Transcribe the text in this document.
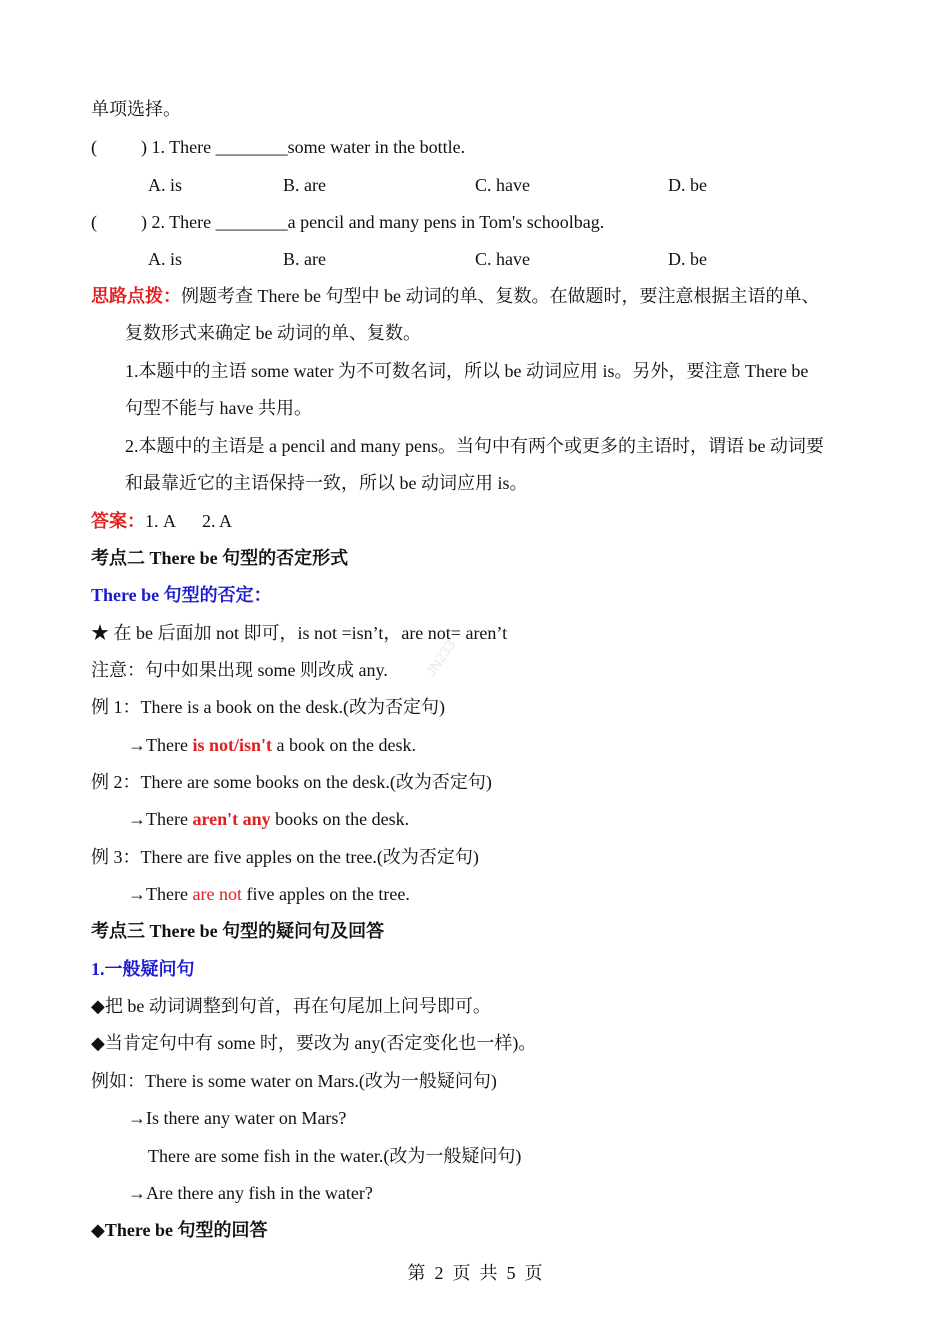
JN233
单项选择。
( ) 1. There ________some water in the bottle.
A. is	B. are	C. have	D. be
( ) 2. There ________a pencil and many pens in Tom's schoolbag.
A. is	B. are	C. have	D. be
思路点拨：例题考查 There be 句型中 be 动词的单、复数。在做题时，要注意根据主语的单、
复数形式来确定 be 动词的单、复数。
1.本题中的主语 some water 为不可数名词，所以 be 动词应用 is。另外，要注意 There be
句型不能与 have 共用。
2.本题中的主语是 a pencil and many pens。当句中有两个或更多的主语时，谓语 be 动词要
和最靠近它的主语保持一致，所以 be 动词应用 is。
答案：1. A      2. A
考点二 There be 句型的否定形式
There be 句型的否定：
★ 在 be 后面加 not 即可，is not =isn’t，are not= aren’t
注意：句中如果出现 some 则改成 any.
例 1：There is a book on the desk.(改为否定句)
→There is not/isn't a book on the desk.
例 2：There are some books on the desk.(改为否定句)
→There aren't any books on the desk.
例 3：There are five apples on the tree.(改为否定句)
→There are not five apples on the tree.
考点三 There be 句型的疑问句及回答
1.一般疑问句
◆把 be 动词调整到句首，再在句尾加上问号即可。
◆当肯定句中有 some 时，要改为 any(否定变化也一样)。
例如：There is some water on Mars.(改为一般疑问句)
→Is there any water on Mars?
There are some fish in the water.(改为一般疑问句)
→Are there any fish in the water?
◆There be 句型的回答
第  2  页  共  5  页
